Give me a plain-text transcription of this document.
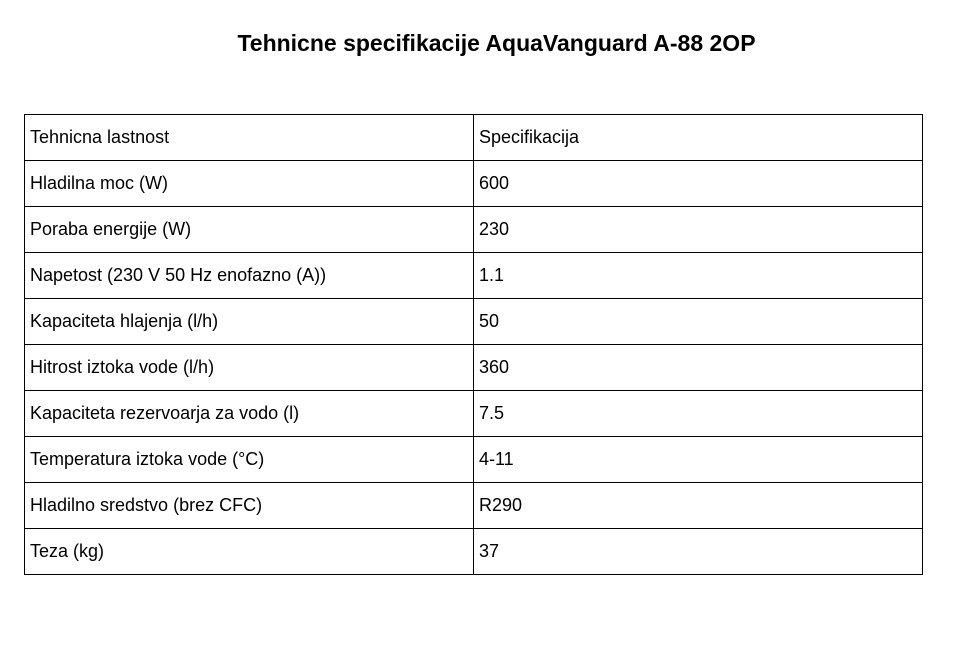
Tehnicne specifikacije AquaVanguard A-88 2OP
Tehnicna lastnost	Specifikacija
Hladilna moc (W)	600
Poraba energije (W)	230
Napetost (230 V 50 Hz enofazno (A))	1.1
Kapaciteta hlajenja (l/h)	50
Hitrost iztoka vode (l/h)	360
Kapaciteta rezervoarja za vodo (l)	7.5
Temperatura iztoka vode (°C)	4-11
Hladilno sredstvo (brez CFC)	R290
Teza (kg)	37
